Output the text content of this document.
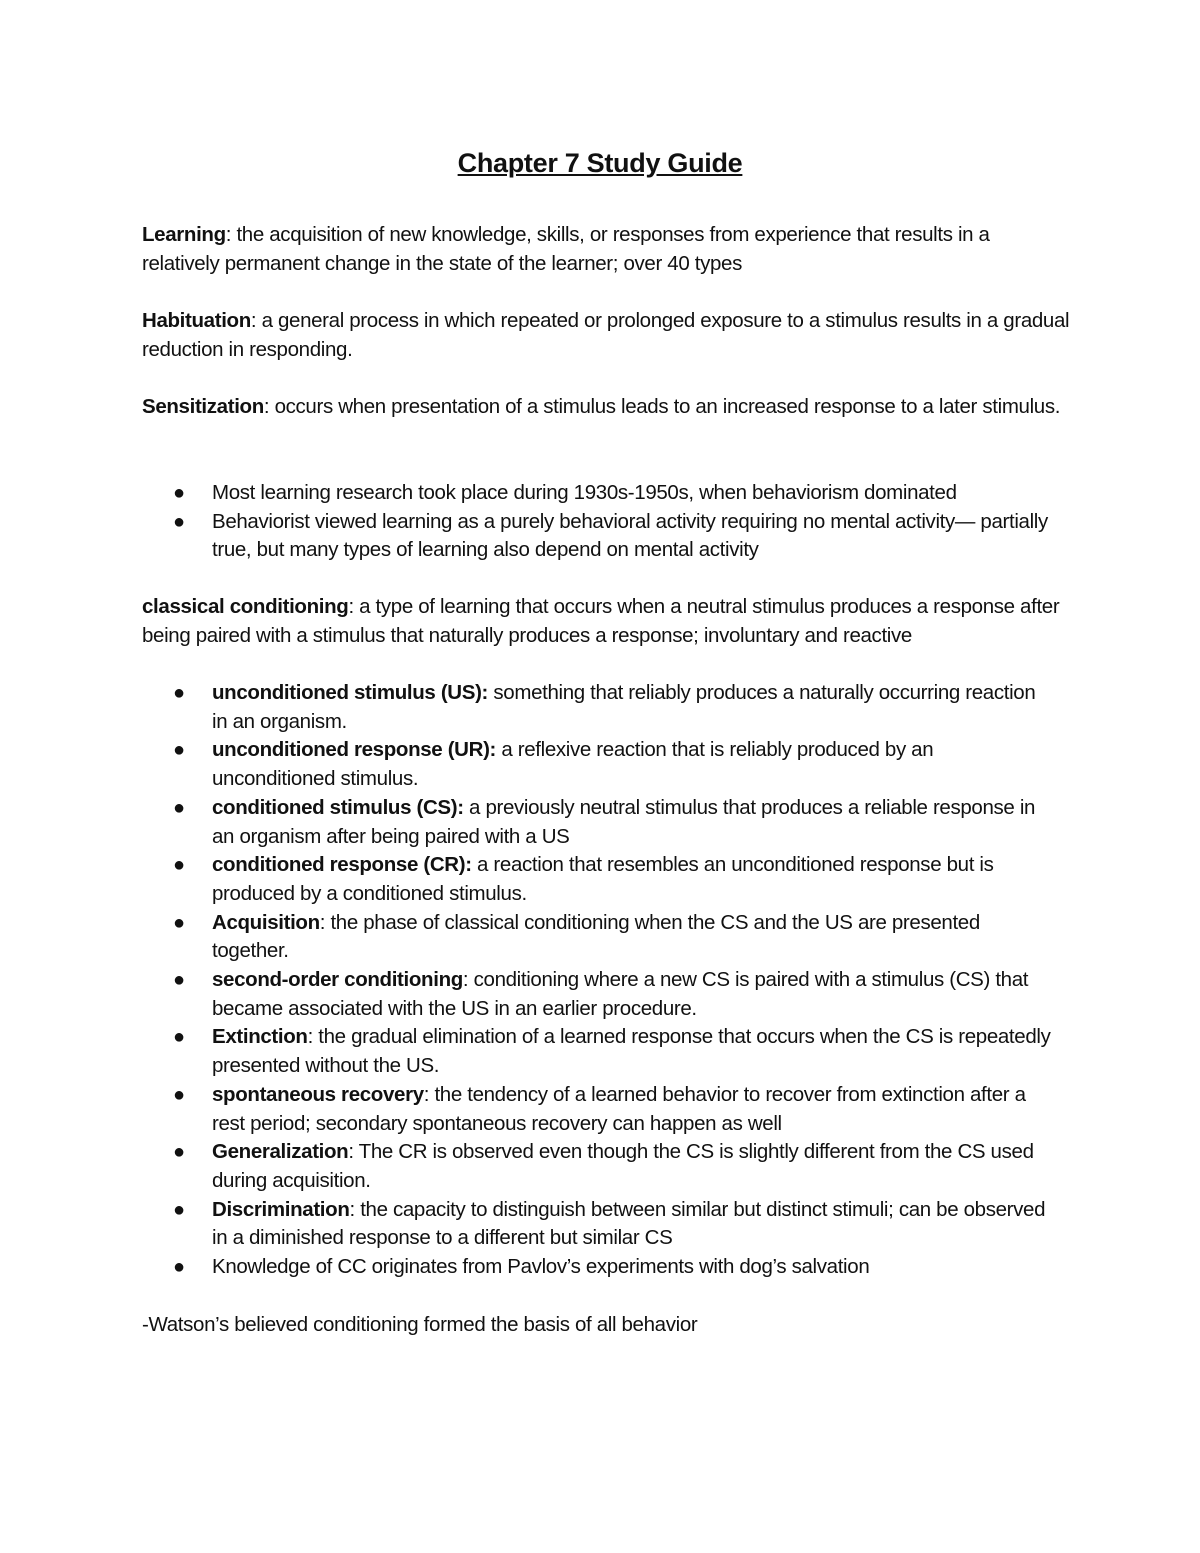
Chapter 7 Study Guide

Learning: the acquisition of new knowledge, skills, or responses from experience that results in a relatively permanent change in the state of the learner; over 40 types

Habituation: a general process in which repeated or prolonged exposure to a stimulus results in a gradual reduction in responding.

Sensitization: occurs when presentation of a stimulus leads to an increased response to a later stimulus.

● Most learning research took place during 1930s-1950s, when behaviorism dominated
● Behaviorist viewed learning as a purely behavioral activity requiring no mental activity— partially true, but many types of learning also depend on mental activity

classical conditioning: a type of learning that occurs when a neutral stimulus produces a response after being paired with a stimulus that naturally produces a response; involuntary and reactive

● unconditioned stimulus (US): something that reliably produces a naturally occurring reaction in an organism.
● unconditioned response (UR): a reflexive reaction that is reliably produced by an unconditioned stimulus.
● conditioned stimulus (CS): a previously neutral stimulus that produces a reliable response in an organism after being paired with a US
● conditioned response (CR): a reaction that resembles an unconditioned response but is produced by a conditioned stimulus.
● Acquisition: the phase of classical conditioning when the CS and the US are presented together.
● second-order conditioning: conditioning where a new CS is paired with a stimulus (CS) that became associated with the US in an earlier procedure.
● Extinction: the gradual elimination of a learned response that occurs when the CS is repeatedly presented without the US.
● spontaneous recovery: the tendency of a learned behavior to recover from extinction after a rest period; secondary spontaneous recovery can happen as well
● Generalization: The CR is observed even though the CS is slightly different from the CS used during acquisition.
● Discrimination: the capacity to distinguish between similar but distinct stimuli; can be observed in a diminished response to a different but similar CS
● Knowledge of CC originates from Pavlov’s experiments with dog’s salvation

-Watson’s believed conditioning formed the basis of all behavior
